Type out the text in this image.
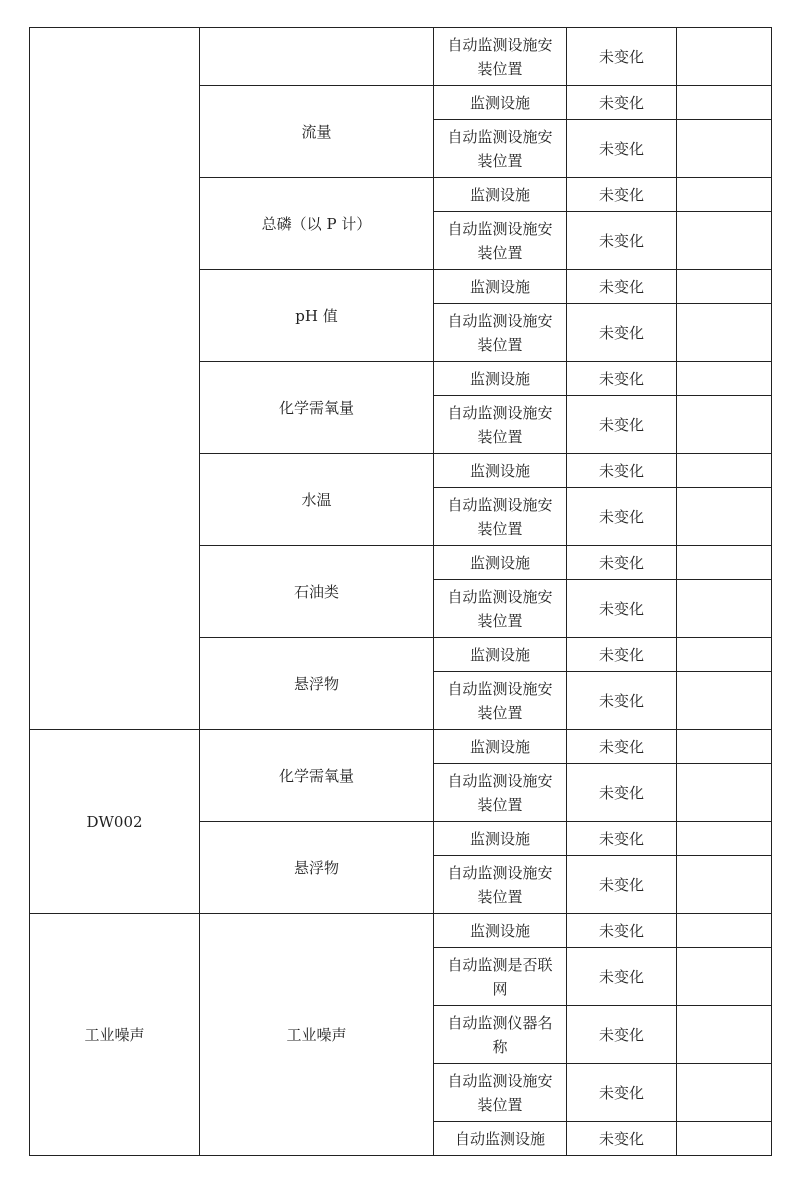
		自动监测设施安装位置	未变化	
	流量	监测设施	未变化	
		自动监测设施安装位置	未变化	
	总磷（以 P 计）	监测设施	未变化	
		自动监测设施安装位置	未变化	
	pH 值	监测设施	未变化	
		自动监测设施安装位置	未变化	
	化学需氧量	监测设施	未变化	
		自动监测设施安装位置	未变化	
	水温	监测设施	未变化	
		自动监测设施安装位置	未变化	
	石油类	监测设施	未变化	
		自动监测设施安装位置	未变化	
	悬浮物	监测设施	未变化	
		自动监测设施安装位置	未变化	
DW002	化学需氧量	监测设施	未变化	
		自动监测设施安装位置	未变化	
	悬浮物	监测设施	未变化	
		自动监测设施安装位置	未变化	
工业噪声	工业噪声	监测设施	未变化	
		自动监测是否联网	未变化	
		自动监测仪器名称	未变化	
		自动监测设施安装位置	未变化	
		自动监测设施	未变化	
